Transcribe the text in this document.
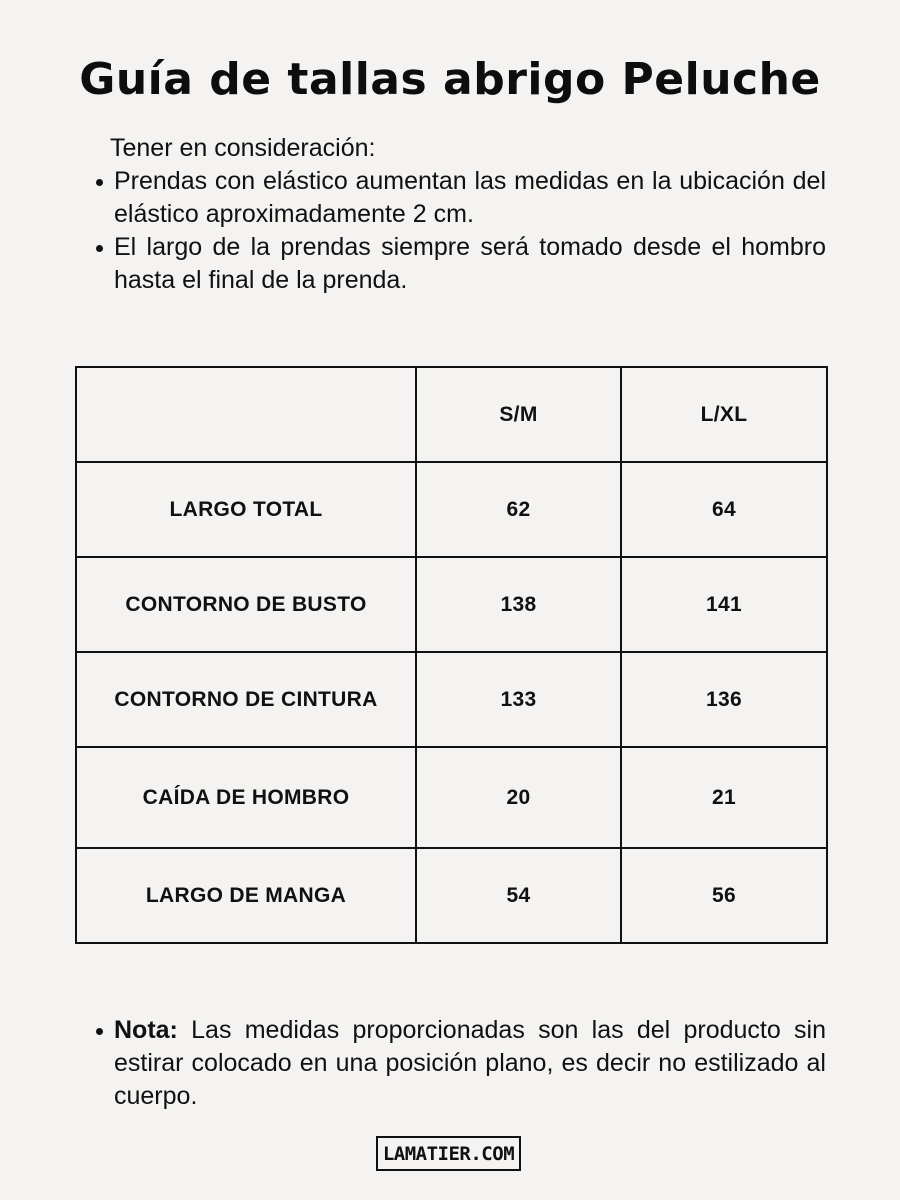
Guía de tallas abrigo Peluche

Tener en consideración:

Prendas con elástico aumentan las medidas en la ubicación del elástico aproximadamente 2 cm.
El largo de la prendas siempre será tomado desde el hombro hasta el final de la prenda.
	S/M	L/XL
LARGO TOTAL	62	64
CONTORNO DE BUSTO	138	141
CONTORNO DE CINTURA	133	136
CAÍDA DE HOMBRO	20	21
LARGO DE MANGA	54	56
Nota: Las medidas proporcionadas son las del producto sin estirar colocado en una posición plano, es decir no estilizado al cuerpo.
LAMATIER.COM
